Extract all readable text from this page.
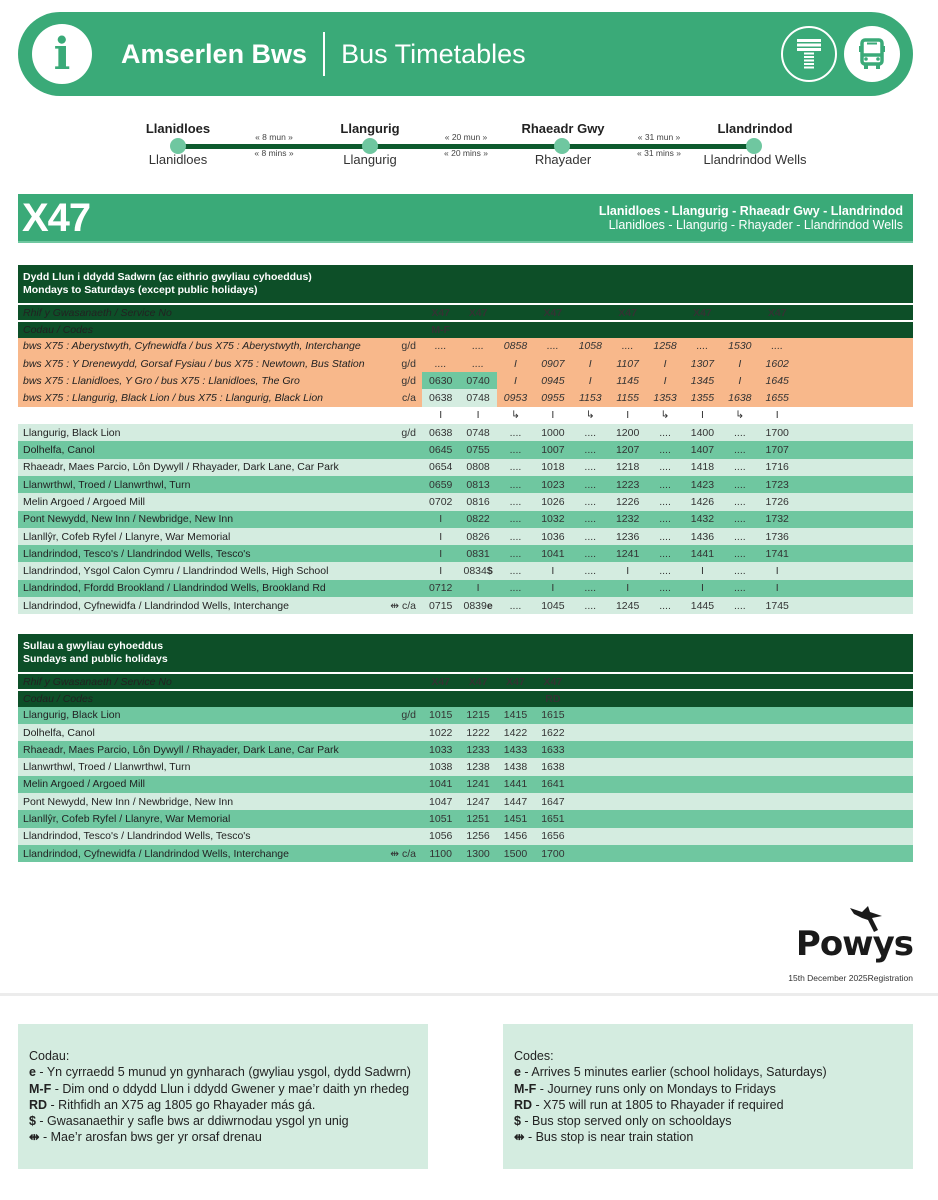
i	Amserlen Bws Bus Timetables
Llanidloes	Llangurig	Rhaeadr Gwy	Llandrindod
Llanidloes	Llangurig	Rhayader	Llandrindod Wells
« 8 mun »
« 8 mins »
« 20 mun »
« 20 mins »
« 31 mun »
« 31 mins »
X47	Llanidloes - Llangurig - Rhaeadr Gwy - Llandrindod
Llanidloes - Llangurig - Rhayader - Llandrindod Wells
Dydd Llun i ddydd Sadwrn (ac eithrio gwyliau cyhoeddus)
Mondays to Saturdays (except public holidays)												

Rhif y Gwasanaeth / Service No		X47	X47		X47		X47		X47		X47	
Codau / Codes		M-F										
bws X75 : Aberystwyth, Cyfnewidfa / bus X75 : Aberystwyth, Interchange	g/d	....	....	0858	....	1058	....	1258	....	1530	....	
bws X75 : Y Drenewydd, Gorsaf Fysiau / bus X75 : Newtown, Bus Station	g/d	....	....	I	0907	I	1107	I	1307	I	1602	
bws X75 : Llanidloes, Y Gro / bus X75 : Llanidloes, The Gro	g/d	0630	0740	I	0945	I	1145	I	1345	I	1645	
bws X75 : Llangurig, Black Lion / bus X75 : Llangurig, Black Lion	c/a	0638	0748	0953	0955	1153	1155	1353	1355	1638	1655	
		I	I	↳	I	↳	I	↳	I	↳	I	
Llangurig, Black Lion	g/d	0638	0748	....	1000	....	1200	....	1400	....	1700	
Dolhelfa, Canol		0645	0755	....	1007	....	1207	....	1407	....	1707	
Rhaeadr, Maes Parcio, Lôn Dywyll / Rhayader, Dark Lane, Car Park		0654	0808	....	1018	....	1218	....	1418	....	1716	
Llanwrthwl, Troed / Llanwrthwl, Turn		0659	0813	....	1023	....	1223	....	1423	....	1723	
Melin Argoed / Argoed Mill		0702	0816	....	1026	....	1226	....	1426	....	1726	
Pont Newydd, New Inn / Newbridge, New Inn		I	0822	....	1032	....	1232	....	1432	....	1732	
Llanllŷr, Cofeb Ryfel / Llanyre, War Memorial		I	0826	....	1036	....	1236	....	1436	....	1736	
Llandrindod, Tesco's / Llandrindod Wells, Tesco's		I	0831	....	1041	....	1241	....	1441	....	1741	
Llandrindod, Ysgol Calon Cymru / Llandrindod Wells, High School		I	0834$	....	I	....	I	....	I	....	I	
Llandrindod, Ffordd Brookland / Llandrindod Wells, Brookland Rd		0712	I	....	I	....	I	....	I	....	I	
Llandrindod, Cyfnewidfa / Llandrindod Wells, Interchange	⇹ c/a	0715	0839e	....	1045	....	1245	....	1445	....	1745	
Sullau a gwyliau cyhoeddus
Sundays and public holidays						

Rhif y Gwasanaeth / Service No		X47	X47	X47	X47	
Codau / Codes					RD	
Llangurig, Black Lion	g/d	1015	1215	1415	1615	
Dolhelfa, Canol		1022	1222	1422	1622	
Rhaeadr, Maes Parcio, Lôn Dywyll / Rhayader, Dark Lane, Car Park		1033	1233	1433	1633	
Llanwrthwl, Troed / Llanwrthwl, Turn		1038	1238	1438	1638	
Melin Argoed / Argoed Mill		1041	1241	1441	1641	
Pont Newydd, New Inn / Newbridge, New Inn		1047	1247	1447	1647	
Llanllŷr, Cofeb Ryfel / Llanyre, War Memorial		1051	1251	1451	1651	
Llandrindod, Tesco's / Llandrindod Wells, Tesco's		1056	1256	1456	1656	
Llandrindod, Cyfnewidfa / Llandrindod Wells, Interchange	⇹ c/a	1100	1300	1500	1700	
Powys
15th December 2025Registration
Codau:
e - Yn cyrraedd 5 munud yn gynharach (gwyliau ysgol, dydd Sadwrn)
M-F - Dim ond o ddydd Llun i ddydd Gwener y mae’r daith yn rhedeg
RD - Rithfidh an X75 ag 1805 go Rhayader más gá.
$ - Gwasanaethir y safle bws ar ddiwrnodau ysgol yn unig
⇹ - Mae’r arosfan bws ger yr orsaf drenau
Codes:
e - Arrives 5 minutes earlier (school holidays, Saturdays)
M-F - Journey runs only on Mondays to Fridays
RD - X75 will run at 1805 to Rhayader if required
$ - Bus stop served only on schooldays
⇹ - Bus stop is near train station
